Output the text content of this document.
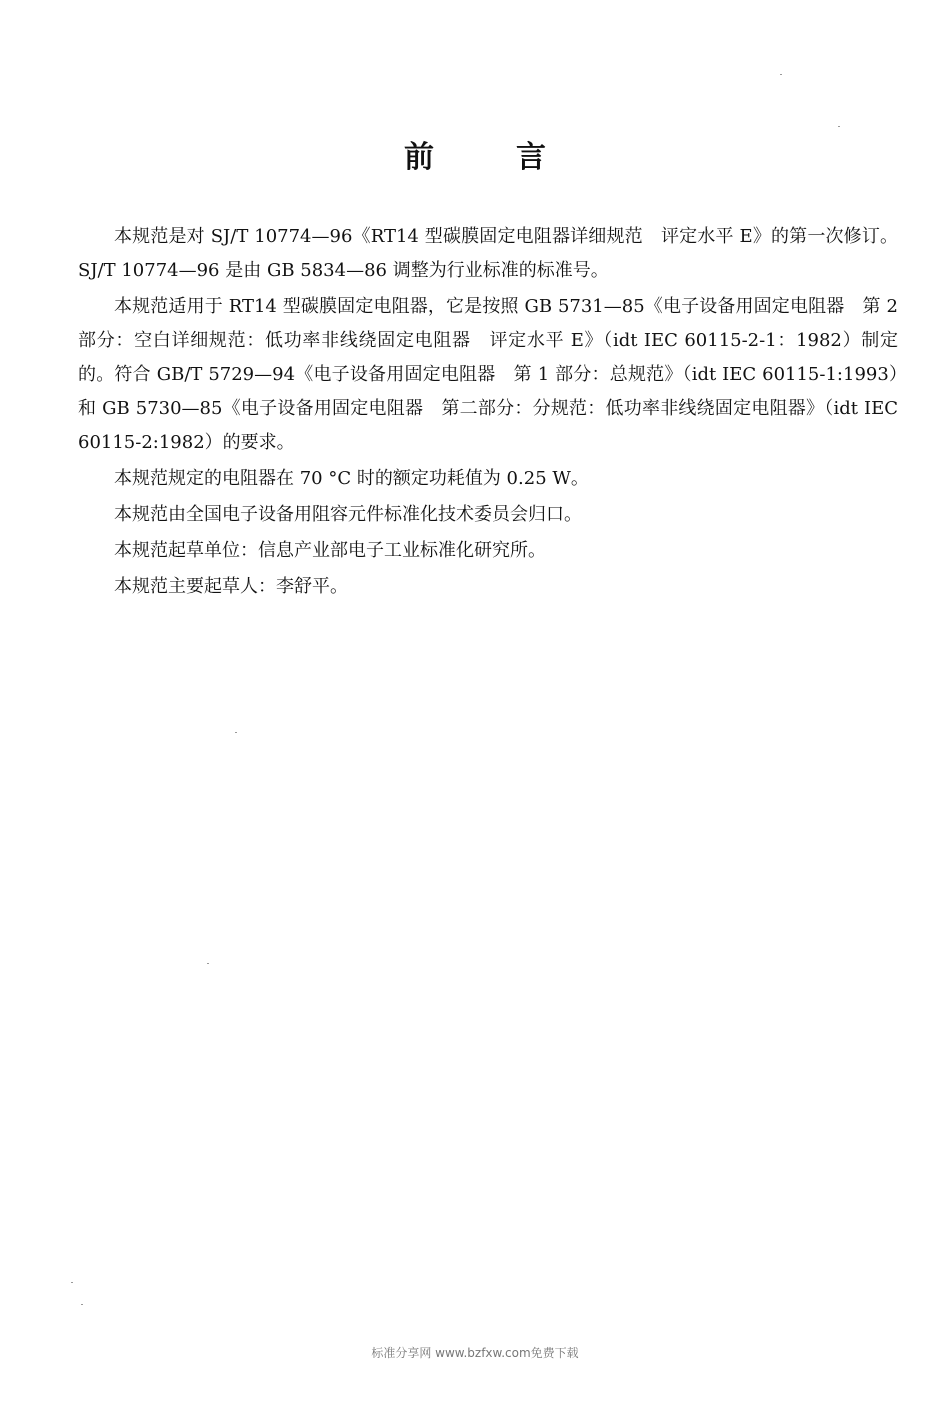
前	言

本规范是对 SJ/T 10774—96《RT14 型碳膜固定电阻器详细规范　评定水平 E》的第一次修订。SJ/T 10774—96 是由 GB 5834—86 调整为行业标准的标准号。

本规范适用于 RT14 型碳膜固定电阻器，它是按照 GB 5731—85《电子设备用固定电阻器　第 2 部分：空白详细规范：低功率非线绕固定电阻器　评定水平 E》（idt IEC 60115-2-1：1982）制定的。符合 GB/T 5729—94《电子设备用固定电阻器　第 1 部分：总规范》（idt IEC 60115-1:1993）和 GB 5730—85《电子设备用固定电阻器　第二部分：分规范：低功率非线绕固定电阻器》（idt IEC 60115-2:1982）的要求。

本规范规定的电阻器在 70 °C 时的额定功耗值为 0.25 W。

本规范由全国电子设备用阻容元件标准化技术委员会归口。

本规范起草单位：信息产业部电子工业标准化研究所。

本规范主要起草人：李舒平。

标准分享网 www.bzfxw.com免费下载
